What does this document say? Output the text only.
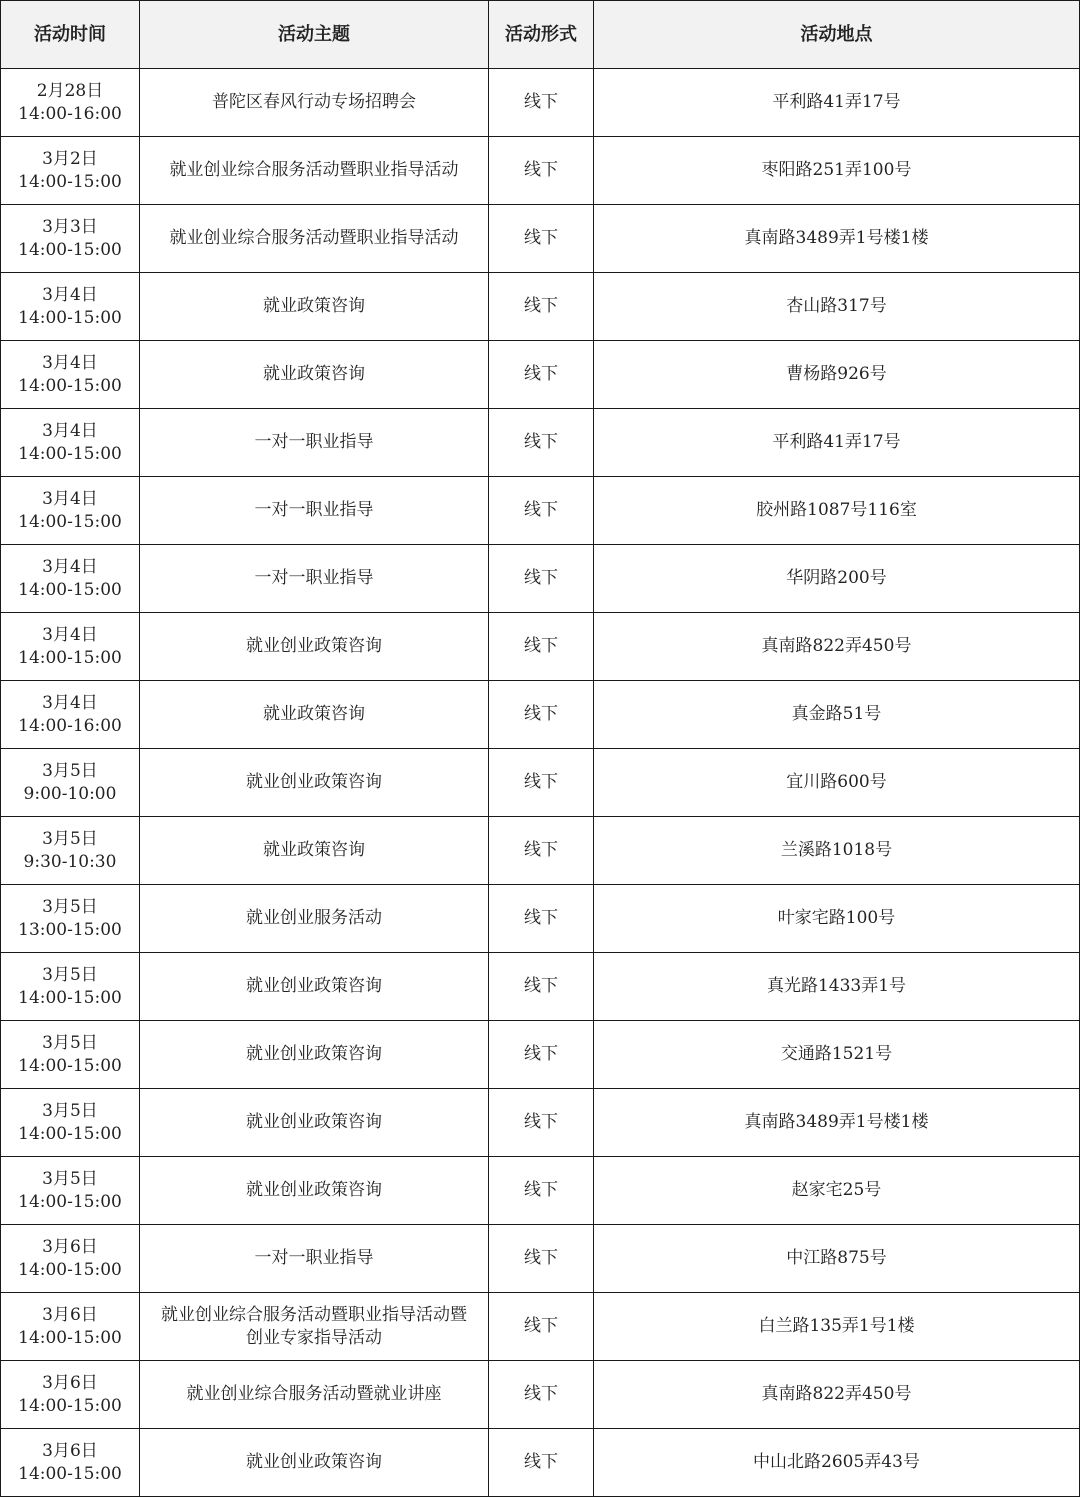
活动时间	活动主题	活动形式	活动地点

2月28日
14:00-16:00	普陀区春风行动专场招聘会	线下	平利路41弄17号

3月2日
14:00-15:00	就业创业综合服务活动暨职业指导活动	线下	枣阳路251弄100号

3月3日
14:00-15:00	就业创业综合服务活动暨职业指导活动	线下	真南路3489弄1号楼1楼

3月4日
14:00-15:00	就业政策咨询	线下	杏山路317号

3月4日
14:00-15:00	就业政策咨询	线下	曹杨路926号

3月4日
14:00-15:00	一对一职业指导	线下	平利路41弄17号

3月4日
14:00-15:00	一对一职业指导	线下	胶州路1087号116室

3月4日
14:00-15:00	一对一职业指导	线下	华阴路200号

3月4日
14:00-15:00	就业创业政策咨询	线下	真南路822弄450号

3月4日
14:00-16:00	就业政策咨询	线下	真金路51号

3月5日
9:00-10:00	就业创业政策咨询	线下	宜川路600号

3月5日
9:30-10:30	就业政策咨询	线下	兰溪路1018号

3月5日
13:00-15:00	就业创业服务活动	线下	叶家宅路100号

3月5日
14:00-15:00	就业创业政策咨询	线下	真光路1433弄1号

3月5日
14:00-15:00	就业创业政策咨询	线下	交通路1521号

3月5日
14:00-15:00	就业创业政策咨询	线下	真南路3489弄1号楼1楼

3月5日
14:00-15:00	就业创业政策咨询	线下	赵家宅25号

3月6日
14:00-15:00	一对一职业指导	线下	中江路875号

3月6日
14:00-15:00	就业创业综合服务活动暨职业指导活动暨
创业专家指导活动	线下	白兰路135弄1号1楼

3月6日
14:00-15:00	就业创业综合服务活动暨就业讲座	线下	真南路822弄450号

3月6日
14:00-15:00	就业创业政策咨询	线下	中山北路2605弄43号
